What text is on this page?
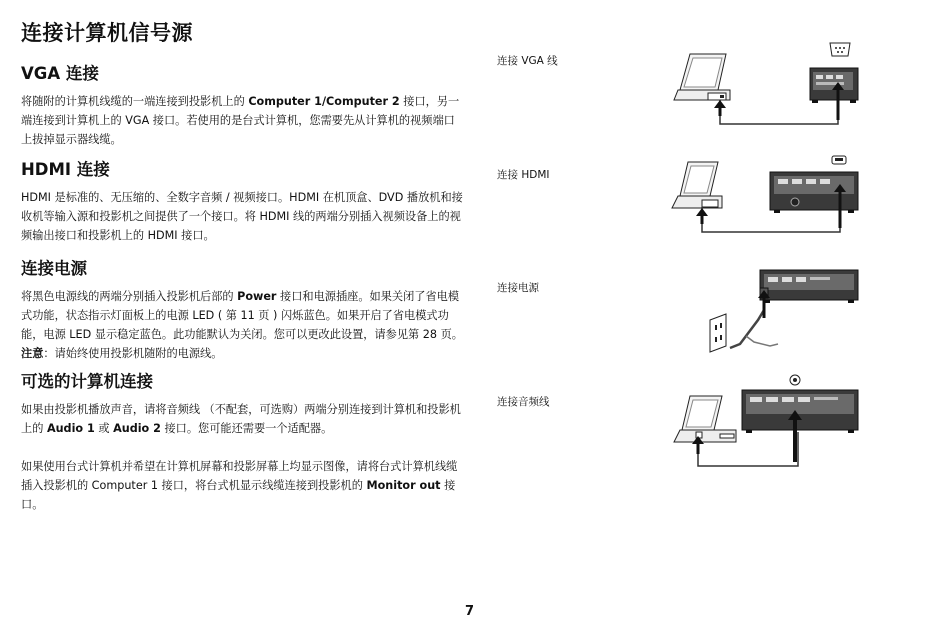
连接计算机信号源
VGA 连接

将随附的计算机线缆的一端连接到投影机上的 Computer 1/Computer 2 接口，另一端连接到计算机上的 VGA 接口。若使用的是台式计算机，您需要先从计算机的视频端口上拔掉显示器线缆。

HDMI 连接

HDMI 是标准的、无压缩的、全数字音频 / 视频接口。HDMI 在机顶盒、DVD 播放机和接收机等输入源和投影机之间提供了一个接口。将 HDMI 线的两端分别插入视频设备上的视频输出接口和投影机上的 HDMI 接口。

连接电源

将黑色电源线的两端分别插入投影机后部的 Power 接口和电源插座。如果关闭了省电模式功能，状态指示灯面板上的电源 LED ( 第 11 页 ) 闪烁蓝色。如果开启了省电模式功能，电源 LED 显示稳定蓝色。此功能默认为关闭。您可以更改此设置，请参见第 28 页。注意：请始终使用投影机随附的电源线。

可选的计算机连接

如果由投影机播放声音，请将音频线 （不配套，可选购）两端分别连接到计算机和投影机上的 Audio 1 或 Audio 2 接口。您可能还需要一个适配器。

如果使用台式计算机并希望在计算机屏幕和投影屏幕上均显示图像，请将台式计算机线缆插入投影机的 Computer 1 接口，将台式机显示线缆连接到投影机的 Monitor out 接口。

连接 VGA 线
连接 HDMI
连接电源
连接音频线
7
